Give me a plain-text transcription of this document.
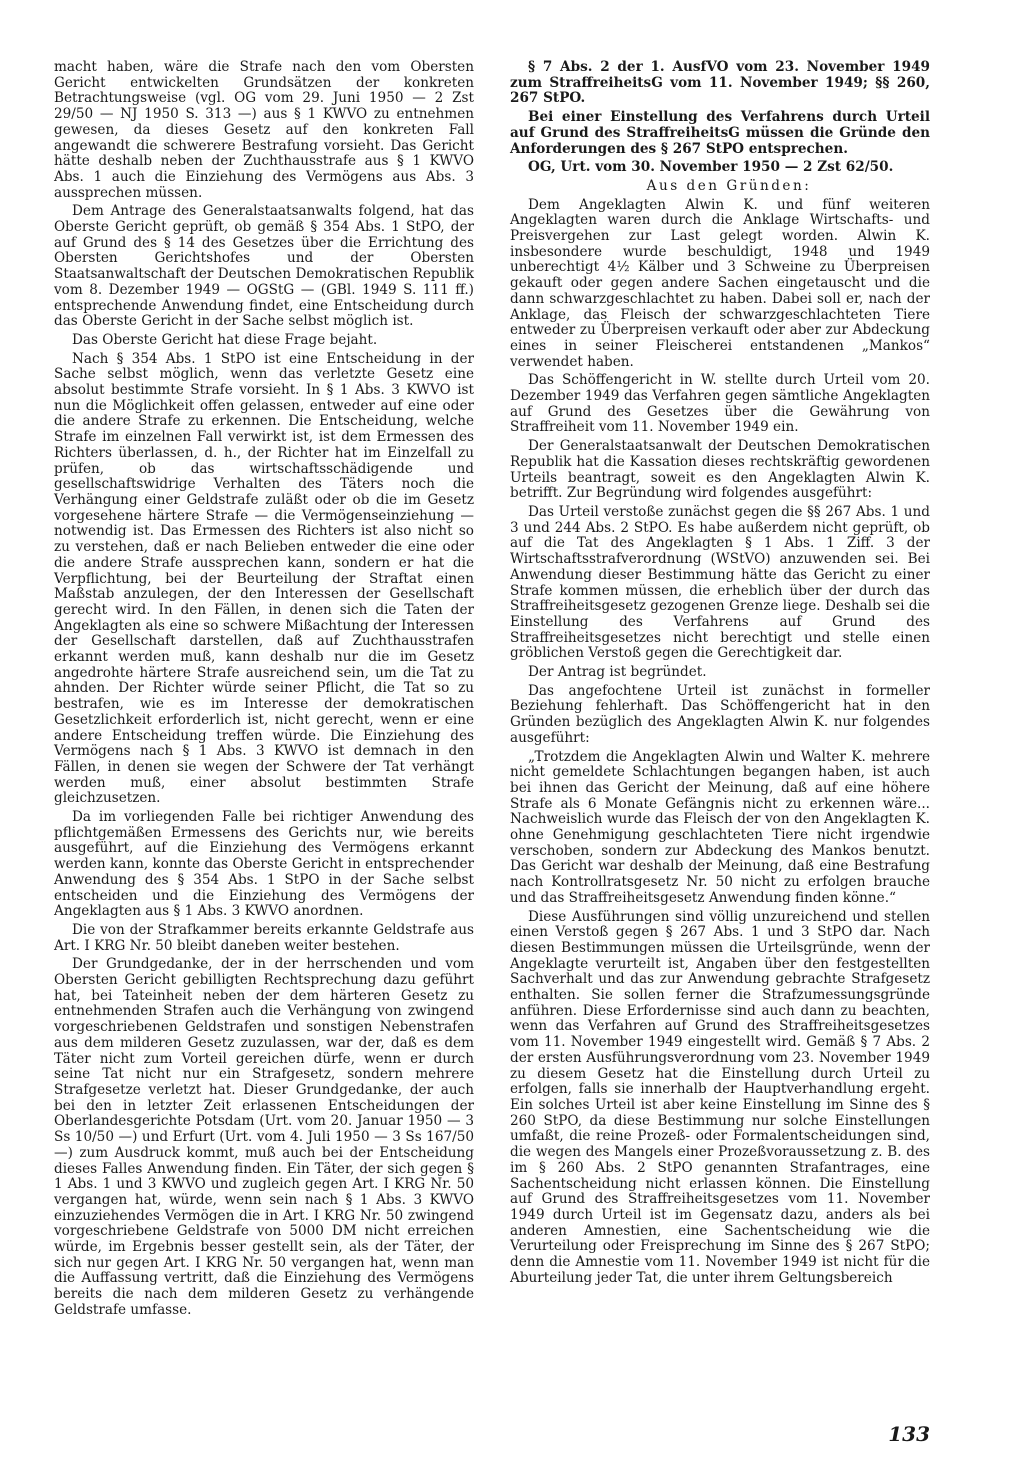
macht haben, wäre die Strafe nach den vom Obersten Gericht entwickelten Grundsätzen der konkreten Betrachtungsweise (vgl. OG vom 29. Juni 1950 — 2 Zst 29/50 — NJ 1950 S. 313 —) aus § 1 KWVO zu entnehmen gewesen, da dieses Gesetz auf den konkreten Fall angewandt die schwerere Bestrafung vorsieht. Das Gericht hätte deshalb neben der Zuchthausstrafe aus § 1 KWVO Abs. 1 auch die Einziehung des Vermögens aus Abs. 3 aussprechen müssen.

Dem Antrage des Generalstaatsanwalts folgend, hat das Oberste Gericht geprüft, ob gemäß § 354 Abs. 1 StPO, der auf Grund des § 14 des Gesetzes über die Errichtung des Obersten Gerichtshofes und der Obersten Staatsanwaltschaft der Deutschen Demokratischen Republik vom 8. Dezember 1949 — OGStG — (GBl. 1949 S. 111 ff.) entsprechende Anwendung findet, eine Entscheidung durch das Oberste Gericht in der Sache selbst möglich ist.

Das Oberste Gericht hat diese Frage bejaht.

Nach § 354 Abs. 1 StPO ist eine Entscheidung in der Sache selbst möglich, wenn das verletzte Gesetz eine absolut bestimmte Strafe vorsieht. In § 1 Abs. 3 KWVO ist nun die Möglichkeit offen gelassen, entweder auf eine oder die andere Strafe zu erkennen. Die Entscheidung, welche Strafe im einzelnen Fall verwirkt ist, ist dem Ermessen des Richters überlassen, d. h., der Richter hat im Einzelfall zu prüfen, ob das wirtschaftsschädigende und gesellschaftswidrige Verhalten des Täters noch die Verhängung einer Geldstrafe zuläßt oder ob die im Gesetz vorgesehene härtere Strafe — die Vermögenseinziehung — notwendig ist. Das Ermessen des Richters ist also nicht so zu verstehen, daß er nach Belieben entweder die eine oder die andere Strafe aussprechen kann, sondern er hat die Verpflichtung, bei der Beurteilung der Straftat einen Maßstab anzulegen, der den Interessen der Gesellschaft gerecht wird. In den Fällen, in denen sich die Taten der Angeklagten als eine so schwere Mißachtung der Interessen der Gesellschaft darstellen, daß auf Zuchthausstrafen erkannt werden muß, kann deshalb nur die im Gesetz angedrohte härtere Strafe ausreichend sein, um die Tat zu ahnden. Der Richter würde seiner Pflicht, die Tat so zu bestrafen, wie es im Interesse der demokratischen Gesetzlichkeit erforderlich ist, nicht gerecht, wenn er eine andere Entscheidung treffen würde. Die Einziehung des Vermögens nach § 1 Abs. 3 KWVO ist demnach in den Fällen, in denen sie wegen der Schwere der Tat verhängt werden muß, einer absolut bestimmten Strafe gleichzusetzen.

Da im vorliegenden Falle bei richtiger Anwendung des pflichtgemäßen Ermessens des Gerichts nur, wie bereits ausgeführt, auf die Einziehung des Vermögens erkannt werden kann, konnte das Oberste Gericht in entsprechender Anwendung des § 354 Abs. 1 StPO in der Sache selbst entscheiden und die Einziehung des Vermögens der Angeklagten aus § 1 Abs. 3 KWVO anordnen.

Die von der Strafkammer bereits erkannte Geldstrafe aus Art. I KRG Nr. 50 bleibt daneben weiter bestehen.

Der Grundgedanke, der in der herrschenden und vom Obersten Gericht gebilligten Rechtsprechung dazu geführt hat, bei Tateinheit neben der dem härteren Gesetz zu entnehmenden Strafen auch die Verhängung von zwingend vorgeschriebenen Geldstrafen und sonstigen Nebenstrafen aus dem milderen Gesetz zuzulassen, war der, daß es dem Täter nicht zum Vorteil gereichen dürfe, wenn er durch seine Tat nicht nur ein Strafgesetz, sondern mehrere Strafgesetze verletzt hat. Dieser Grundgedanke, der auch bei den in letzter Zeit erlassenen Entscheidungen der Oberlandesgerichte Potsdam (Urt. vom 20. Januar 1950 — 3 Ss 10/50 —) und Erfurt (Urt. vom 4. Juli 1950 — 3 Ss 167/50 —) zum Ausdruck kommt, muß auch bei der Entscheidung dieses Falles Anwendung finden. Ein Täter, der sich gegen § 1 Abs. 1 und 3 KWVO und zugleich gegen Art. I KRG Nr. 50 vergangen hat, würde, wenn sein nach § 1 Abs. 3 KWVO einzuziehendes Vermögen die in Art. I KRG Nr. 50 zwingend vorgeschriebene Geldstrafe von 5000 DM nicht erreichen würde, im Ergebnis besser gestellt sein, als der Täter, der sich nur gegen Art. I KRG Nr. 50 vergangen hat, wenn man die Auffassung vertritt, daß die Einziehung des Vermögens bereits die nach dem milderen Gesetz zu verhängende Geldstrafe umfasse.

§ 7 Abs. 2 der 1. AusfVO vom 23. November 1949 zum StraffreiheitsG vom 11. November 1949; §§ 260, 267 StPO.

Bei einer Einstellung des Verfahrens durch Urteil auf Grund des StraffreiheitsG müssen die Gründe den Anforderungen des § 267 StPO entsprechen.

OG, Urt. vom 30. November 1950 — 2 Zst 62/50.

Aus den Gründen:

Dem Angeklagten Alwin K. und fünf weiteren Angeklagten waren durch die Anklage Wirtschafts- und Preisvergehen zur Last gelegt worden. Alwin K. insbesondere wurde beschuldigt, 1948 und 1949 unberechtigt 4½ Kälber und 3 Schweine zu Überpreisen gekauft oder gegen andere Sachen eingetauscht und die dann schwarzgeschlachtet zu haben. Dabei soll er, nach der Anklage, das Fleisch der schwarzgeschlachteten Tiere entweder zu Überpreisen verkauft oder aber zur Abdeckung eines in seiner Fleischerei entstandenen „Mankos“ verwendet haben.

Das Schöffengericht in W. stellte durch Urteil vom 20. Dezember 1949 das Verfahren gegen sämtliche Angeklagten auf Grund des Gesetzes über die Gewährung von Straffreiheit vom 11. November 1949 ein.

Der Generalstaatsanwalt der Deutschen Demokratischen Republik hat die Kassation dieses rechtskräftig gewordenen Urteils beantragt, soweit es den Angeklagten Alwin K. betrifft. Zur Begründung wird folgendes ausgeführt:

Das Urteil verstoße zunächst gegen die §§ 267 Abs. 1 und 3 und 244 Abs. 2 StPO. Es habe außerdem nicht geprüft, ob auf die Tat des Angeklagten § 1 Abs. 1 Ziff. 3 der Wirtschaftsstrafverordnung (WStVO) anzuwenden sei. Bei Anwendung dieser Bestimmung hätte das Gericht zu einer Strafe kommen müssen, die erheblich über der durch das Straffreiheitsgesetz gezogenen Grenze liege. Deshalb sei die Einstellung des Verfahrens auf Grund des Straffreiheitsgesetzes nicht berechtigt und stelle einen gröblichen Verstoß gegen die Gerechtigkeit dar.

Der Antrag ist begründet.

Das angefochtene Urteil ist zunächst in formeller Beziehung fehlerhaft. Das Schöffengericht hat in den Gründen bezüglich des Angeklagten Alwin K. nur folgendes ausgeführt:

„Trotzdem die Angeklagten Alwin und Walter K. mehrere nicht gemeldete Schlachtungen begangen haben, ist auch bei ihnen das Gericht der Meinung, daß auf eine höhere Strafe als 6 Monate Gefängnis nicht zu erkennen wäre... Nachweislich wurde das Fleisch der von den Angeklagten K. ohne Genehmigung geschlachteten Tiere nicht irgendwie verschoben, sondern zur Abdeckung des Mankos benutzt. Das Gericht war deshalb der Meinung, daß eine Bestrafung nach Kontrollratsgesetz Nr. 50 nicht zu erfolgen brauche und das Straffreiheitsgesetz Anwendung finden könne.“

Diese Ausführungen sind völlig unzureichend und stellen einen Verstoß gegen § 267 Abs. 1 und 3 StPO dar. Nach diesen Bestimmungen müssen die Urteilsgründe, wenn der Angeklagte verurteilt ist, Angaben über den festgestellten Sachverhalt und das zur Anwendung gebrachte Strafgesetz enthalten. Sie sollen ferner die Strafzumessungsgründe anführen. Diese Erfordernisse sind auch dann zu beachten, wenn das Verfahren auf Grund des Straffreiheitsgesetzes vom 11. November 1949 eingestellt wird. Gemäß § 7 Abs. 2 der ersten Ausführungsverordnung vom 23. November 1949 zu diesem Gesetz hat die Einstellung durch Urteil zu erfolgen, falls sie innerhalb der Hauptverhandlung ergeht. Ein solches Urteil ist aber keine Einstellung im Sinne des § 260 StPO, da diese Bestimmung nur solche Einstellungen umfaßt, die reine Prozeß- oder Formalentscheidungen sind, die wegen des Mangels einer Prozeßvoraussetzung z. B. des im § 260 Abs. 2 StPO genannten Strafantrages, eine Sachentscheidung nicht erlassen können. Die Einstellung auf Grund des Straffreiheitsgesetzes vom 11. November 1949 durch Urteil ist im Gegensatz dazu, anders als bei anderen Amnestien, eine Sachentscheidung wie die Verurteilung oder Freisprechung im Sinne des § 267 StPO; denn die Amnestie vom 11. November 1949 ist nicht für die Aburteilung jeder Tat, die unter ihrem Geltungsbereich

133
